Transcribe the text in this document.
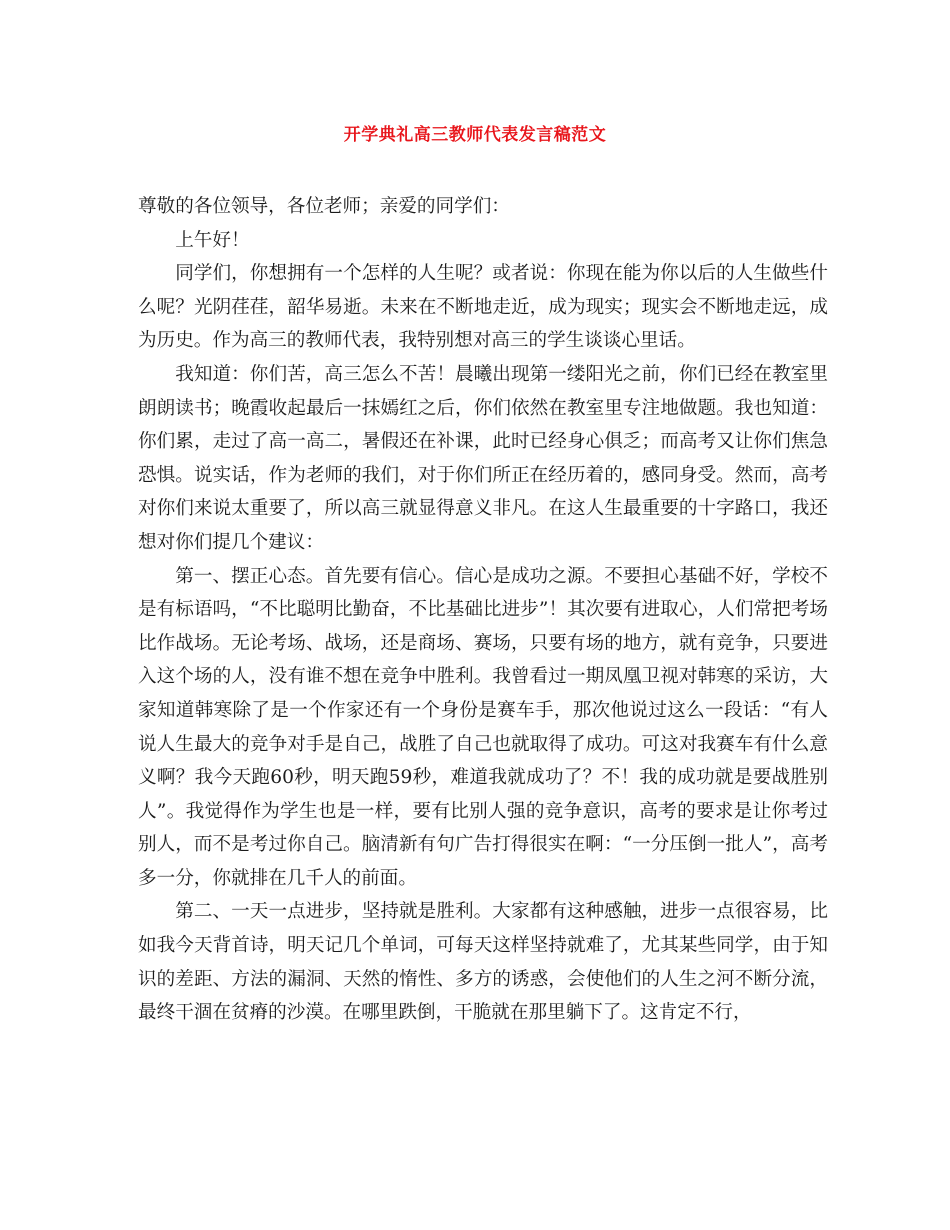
开学典礼高三教师代表发言稿范文

尊敬的各位领导，各位老师；亲爱的同学们：

上午好！

同学们，你想拥有一个怎样的人生呢？或者说：你现在能为你以后的人生做些什么呢？光阴荏荏，韶华易逝。未来在不断地走近，成为现实；现实会不断地走远，成为历史。作为高三的教师代表，我特别想对高三的学生谈谈心里话。

我知道：你们苦，高三怎么不苦！晨曦出现第一缕阳光之前，你们已经在教室里朗朗读书；晚霞收起最后一抹嫣红之后，你们依然在教室里专注地做题。我也知道：你们累，走过了高一高二，暑假还在补课，此时已经身心俱乏；而高考又让你们焦急恐惧。说实话，作为老师的我们，对于你们所正在经历着的，感同身受。然而，高考对你们来说太重要了，所以高三就显得意义非凡。在这人生最重要的十字路口，我还想对你们提几个建议：

第一、摆正心态。首先要有信心。信心是成功之源。不要担心基础不好，学校不是有标语吗，“不比聪明比勤奋，不比基础比进步”！其次要有进取心，人们常把考场比作战场。无论考场、战场，还是商场、赛场，只要有场的地方，就有竞争，只要进入这个场的人，没有谁不想在竞争中胜利。我曾看过一期凤凰卫视对韩寒的采访，大家知道韩寒除了是一个作家还有一个身份是赛车手，那次他说过这么一段话：“有人说人生最大的竞争对手是自己，战胜了自己也就取得了成功。可这对我赛车有什么意义啊？我今天跑60秒，明天跑59秒，难道我就成功了？不！我的成功就是要战胜别人”。我觉得作为学生也是一样，要有比别人强的竞争意识，高考的要求是让你考过别人，而不是考过你自己。脑清新有句广告打得很实在啊：“一分压倒一批人”，高考多一分，你就排在几千人的前面。

第二、一天一点进步，坚持就是胜利。大家都有这种感触，进步一点很容易，比如我今天背首诗，明天记几个单词，可每天这样坚持就难了，尤其某些同学，由于知识的差距、方法的漏洞、天然的惰性、多方的诱惑，会使他们的人生之河不断分流，最终干涸在贫瘠的沙漠。在哪里跌倒，干脆就在那里躺下了。这肯定不行，
